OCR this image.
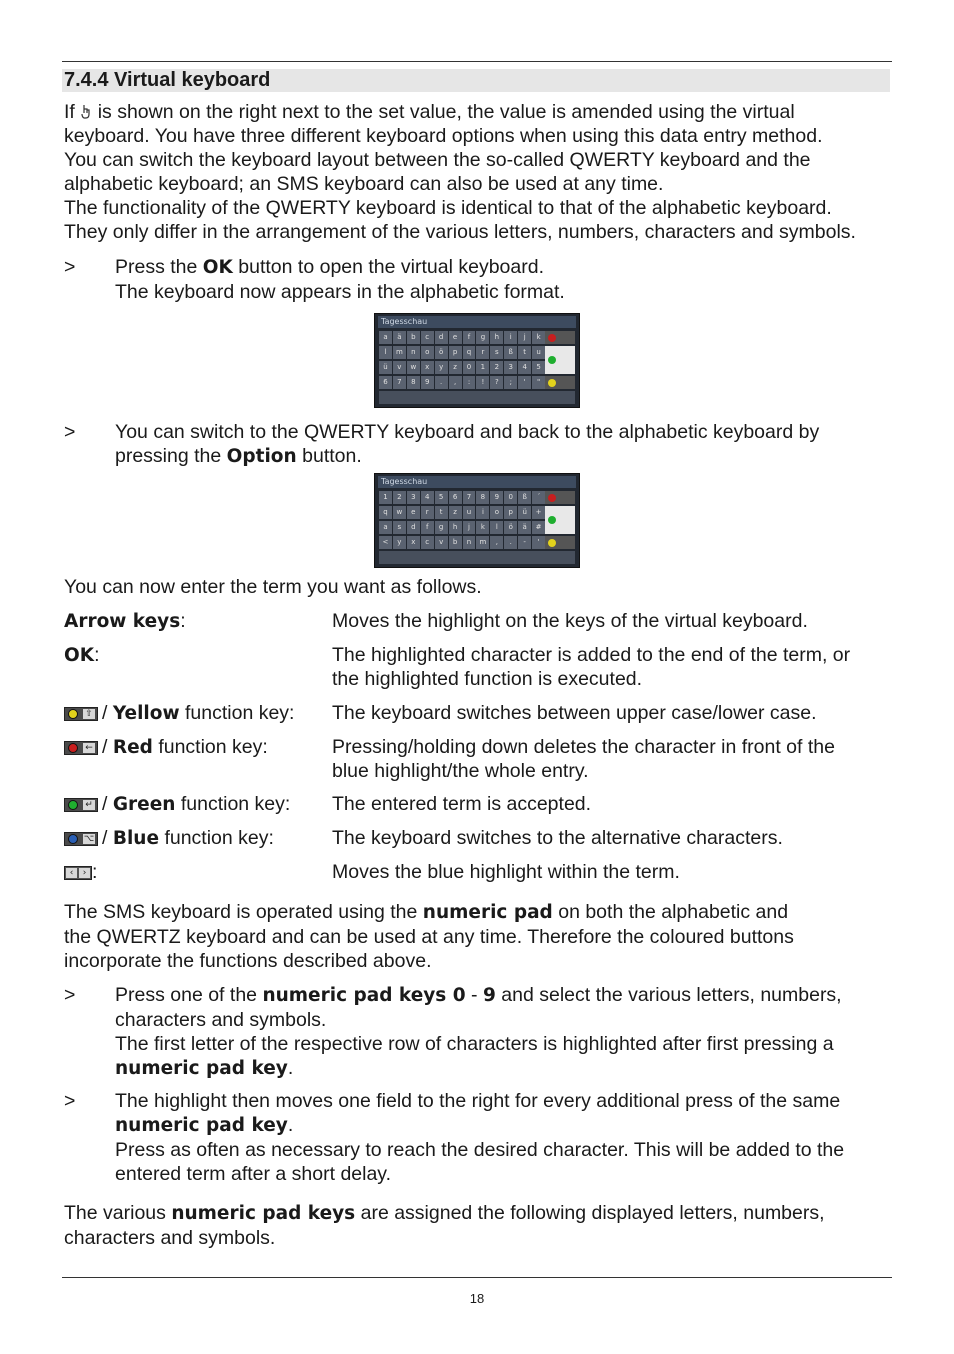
7.4.4 Virtual keyboard
If is shown on the right next to the set value, the value is amended using the virtual
keyboard. You have three different keyboard options when using this data entry method.
You can switch the keyboard layout between the so-called QWERTY keyboard and the
alphabetic keyboard; an SMS keyboard can also be used at any time.
The functionality of the QWERTY keyboard is identical to that of the alphabetic keyboard.
They only differ in the arrangement of the various letters, numbers, characters and symbols.
> Press the OK button to open the virtual keyboard.
The keyboard now appears in the alphabetic format.
Tagesschau
a	ä	b	c	d	e	f	g	h	i	j	k
l	m	n	o	ö	p	q	r	s	ß	t	u
ü	v	w	x	y	z	0	1	2	3	4	5
6	7	8	9	.	,	:	!	?	;	'	"
> You can switch to the QWERTY keyboard and back to the alphabetic keyboard by
pressing the Option button.
Tagesschau
1	2	3	4	5	6	7	8	9	0	ß	´
q	w	e	r	t	z	u	i	o	p	ü	+
a	s	d	f	g	h	j	k	l	ö	ä	#
<	y	x	c	v	b	n	m	,	.	-	'
You can now enter the term you want as follows.
Arrow keys:	Moves the highlight on the keys of the virtual keyboard.
OK:	The highlighted character is added to the end of the term, or
the highlighted function is executed.
⇧ / Yellow function key: The keyboard switches between upper case/lower case.
← / Red function key:	Pressing/holding down deletes the character in front of the
blue highlight/the whole entry.
↵ / Green function key: The entered term is accepted.
⌥ / Blue function key:	The keyboard switches to the alternative characters.
‹	› :	Moves the blue highlight within the term.
The SMS keyboard is operated using the numeric pad on both the alphabetic and
the QWERTZ keyboard and can be used at any time. Therefore the coloured buttons
incorporate the functions described above.
> Press one of the numeric pad keys 0 - 9 and select the various letters, numbers,
characters and symbols.
The first letter of the respective row of characters is highlighted after first pressing a
numeric pad key.
> The highlight then moves one field to the right for every additional press of the same
numeric pad key.
Press as often as necessary to reach the desired character. This will be added to the
entered term after a short delay.
The various numeric pad keys are assigned the following displayed letters, numbers,
characters and symbols.
18
